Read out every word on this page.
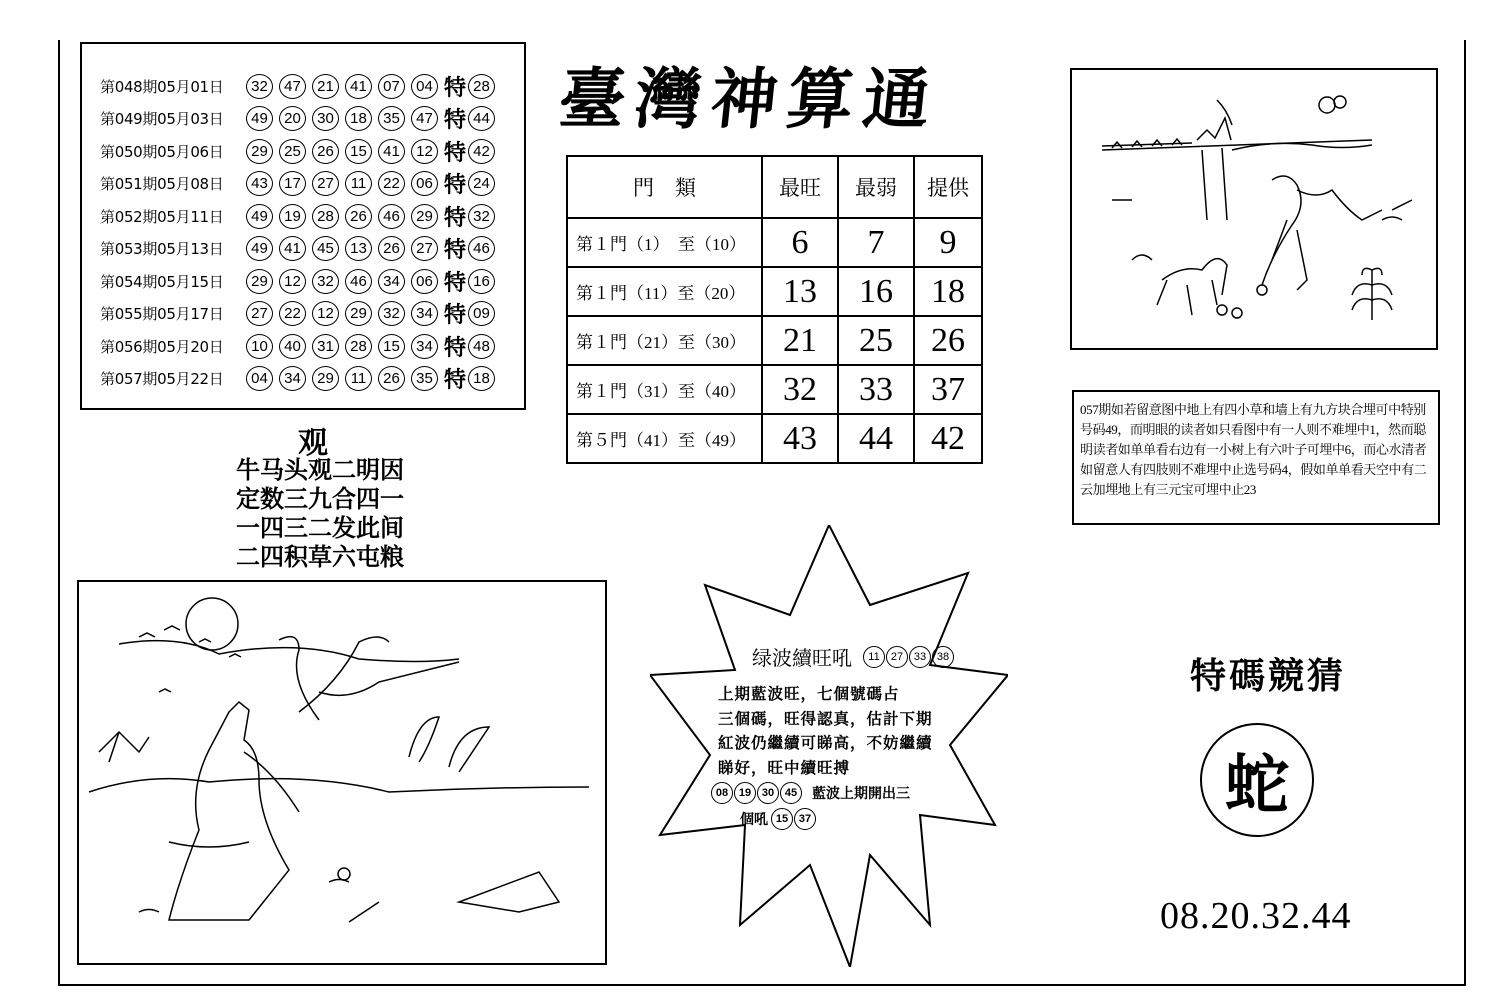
第048期05月01日	32	47	21	41	07	04 特 28
第049期05月03日	49	20	30	18	35	47 特 44
第050期05月06日	29	25	26	15	41	12 特 42
第051期05月08日	43	17	27	11	22	06 特 24
第052期05月11日	49	19	28	26	46	29 特 32
第053期05月13日	49	41	45	13	26	27 特 46
第054期05月15日	29	12	32	46	34	06 特 16
第055期05月17日	27	22	12	29	32	34 特 09
第056期05月20日	10	40	31	28	15	34 特 48
第057期05月22日	04	34	29	11	26	35 特 18
臺灣神算通
門　類	最旺	最弱	提供
第１門（1）　至（10）	6	7	9
第１門（11）至（20）	13	16	18
第１門（21）至（30）	21	25	26
第１門（31）至（40）	32	33	37
第５門（41）至（49）	43	44	42
观
牛马头观二明因
定数三九合四一
一四三二发此间
二四积草六屯粮
057期如若留意图中地上有四小草和墙上有九方块合埋可中特别号码49，而明眼的读者如只看图中有一人则不难埋中1，然而聪明读者如单单看右边有一小树上有六叶子可埋中6，而心水清者如留意人有四肢则不难埋中止选号码4，假如单单看天空中有二云加埋地上有三元宝可埋中止23
绿波續旺吼	11	27 33 38
上期藍波旺，七個號碼占
三個碼，旺得認真，估計下期
紅波仍繼續可睇高，不妨繼續
睇好，旺中續旺搏
08 19 30 45	藍波上期開出三
個吼 15 37
特碼競猜
蛇
08.20.32.44
